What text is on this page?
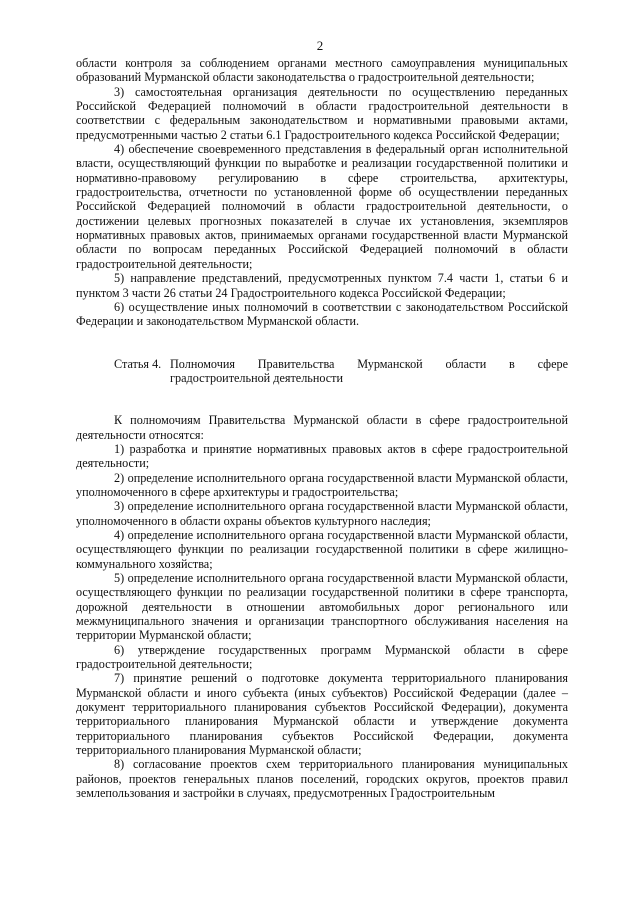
2

области контроля за соблюдением органами местного самоуправления муниципальных образований Мурманской области законодательства о градостроительной деятельности;

3) самостоятельная организация деятельности по осуществлению переданных Российской Федерацией полномочий в области градостроительной деятельности в соответствии с федеральным законодательством и нормативными правовыми актами, предусмотренными частью 2 статьи 6.1 Градостроительного кодекса Российской Федерации;

4) обеспечение своевременного представления в федеральный орган исполнительной власти, осуществляющий функции по выработке и реализации государственной политики и нормативно-правовому регулированию в сфере строительства, архитектуры, градостроительства, отчетности по установленной форме об осуществлении переданных Российской Федерацией полномочий в области градостроительной деятельности, о достижении целевых прогнозных показателей в случае их установления, экземпляров нормативных правовых актов, принимаемых органами государственной власти Мурманской области по вопросам переданных Российской Федерацией полномочий в области градостроительной деятельности;

5) направление представлений, предусмотренных пунктом 7.4 части 1, статьи 6 и пунктом 3 части 26 статьи 24 Градостроительного кодекса Российской Федерации;

6) осуществление иных полномочий в соответствии с законодательством Российской Федерации и законодательством Мурманской области.

Статья 4. Полномочия Правительства Мурманской области в сфере градостроительной деятельности

К полномочиям Правительства Мурманской области в сфере градостроительной деятельности относятся:

1) разработка и принятие нормативных правовых актов в сфере градостроительной деятельности;

2) определение исполнительного органа государственной власти Мурманской области, уполномоченного в сфере архитектуры и градостроительства;

3) определение исполнительного органа государственной власти Мурманской области, уполномоченного в области охраны объектов культурного наследия;

4) определение исполнительного органа государственной власти Мурманской области, осуществляющего функции по реализации государственной политики в сфере жилищно-коммунального хозяйства;

5) определение исполнительного органа государственной власти Мурманской области, осуществляющего функции по реализации государственной политики в сфере транспорта, дорожной деятельности в отношении автомобильных дорог регионального или межмуниципального значения и организации транспортного обслуживания населения на территории Мурманской области;

6) утверждение государственных программ Мурманской области в сфере градостроительной деятельности;

7) принятие решений о подготовке документа территориального планирования Мурманской области и иного субъекта (иных субъектов) Российской Федерации (далее – документ территориального планирования субъектов Российской Федерации), документа территориального планирования Мурманской области и утверждение документа территориального планирования субъектов Российской Федерации, документа территориального планирования Мурманской области;

8) согласование проектов схем территориального планирования муниципальных районов, проектов генеральных планов поселений, городских округов, проектов правил землепользования и застройки в случаях, предусмотренных Градостроительным
